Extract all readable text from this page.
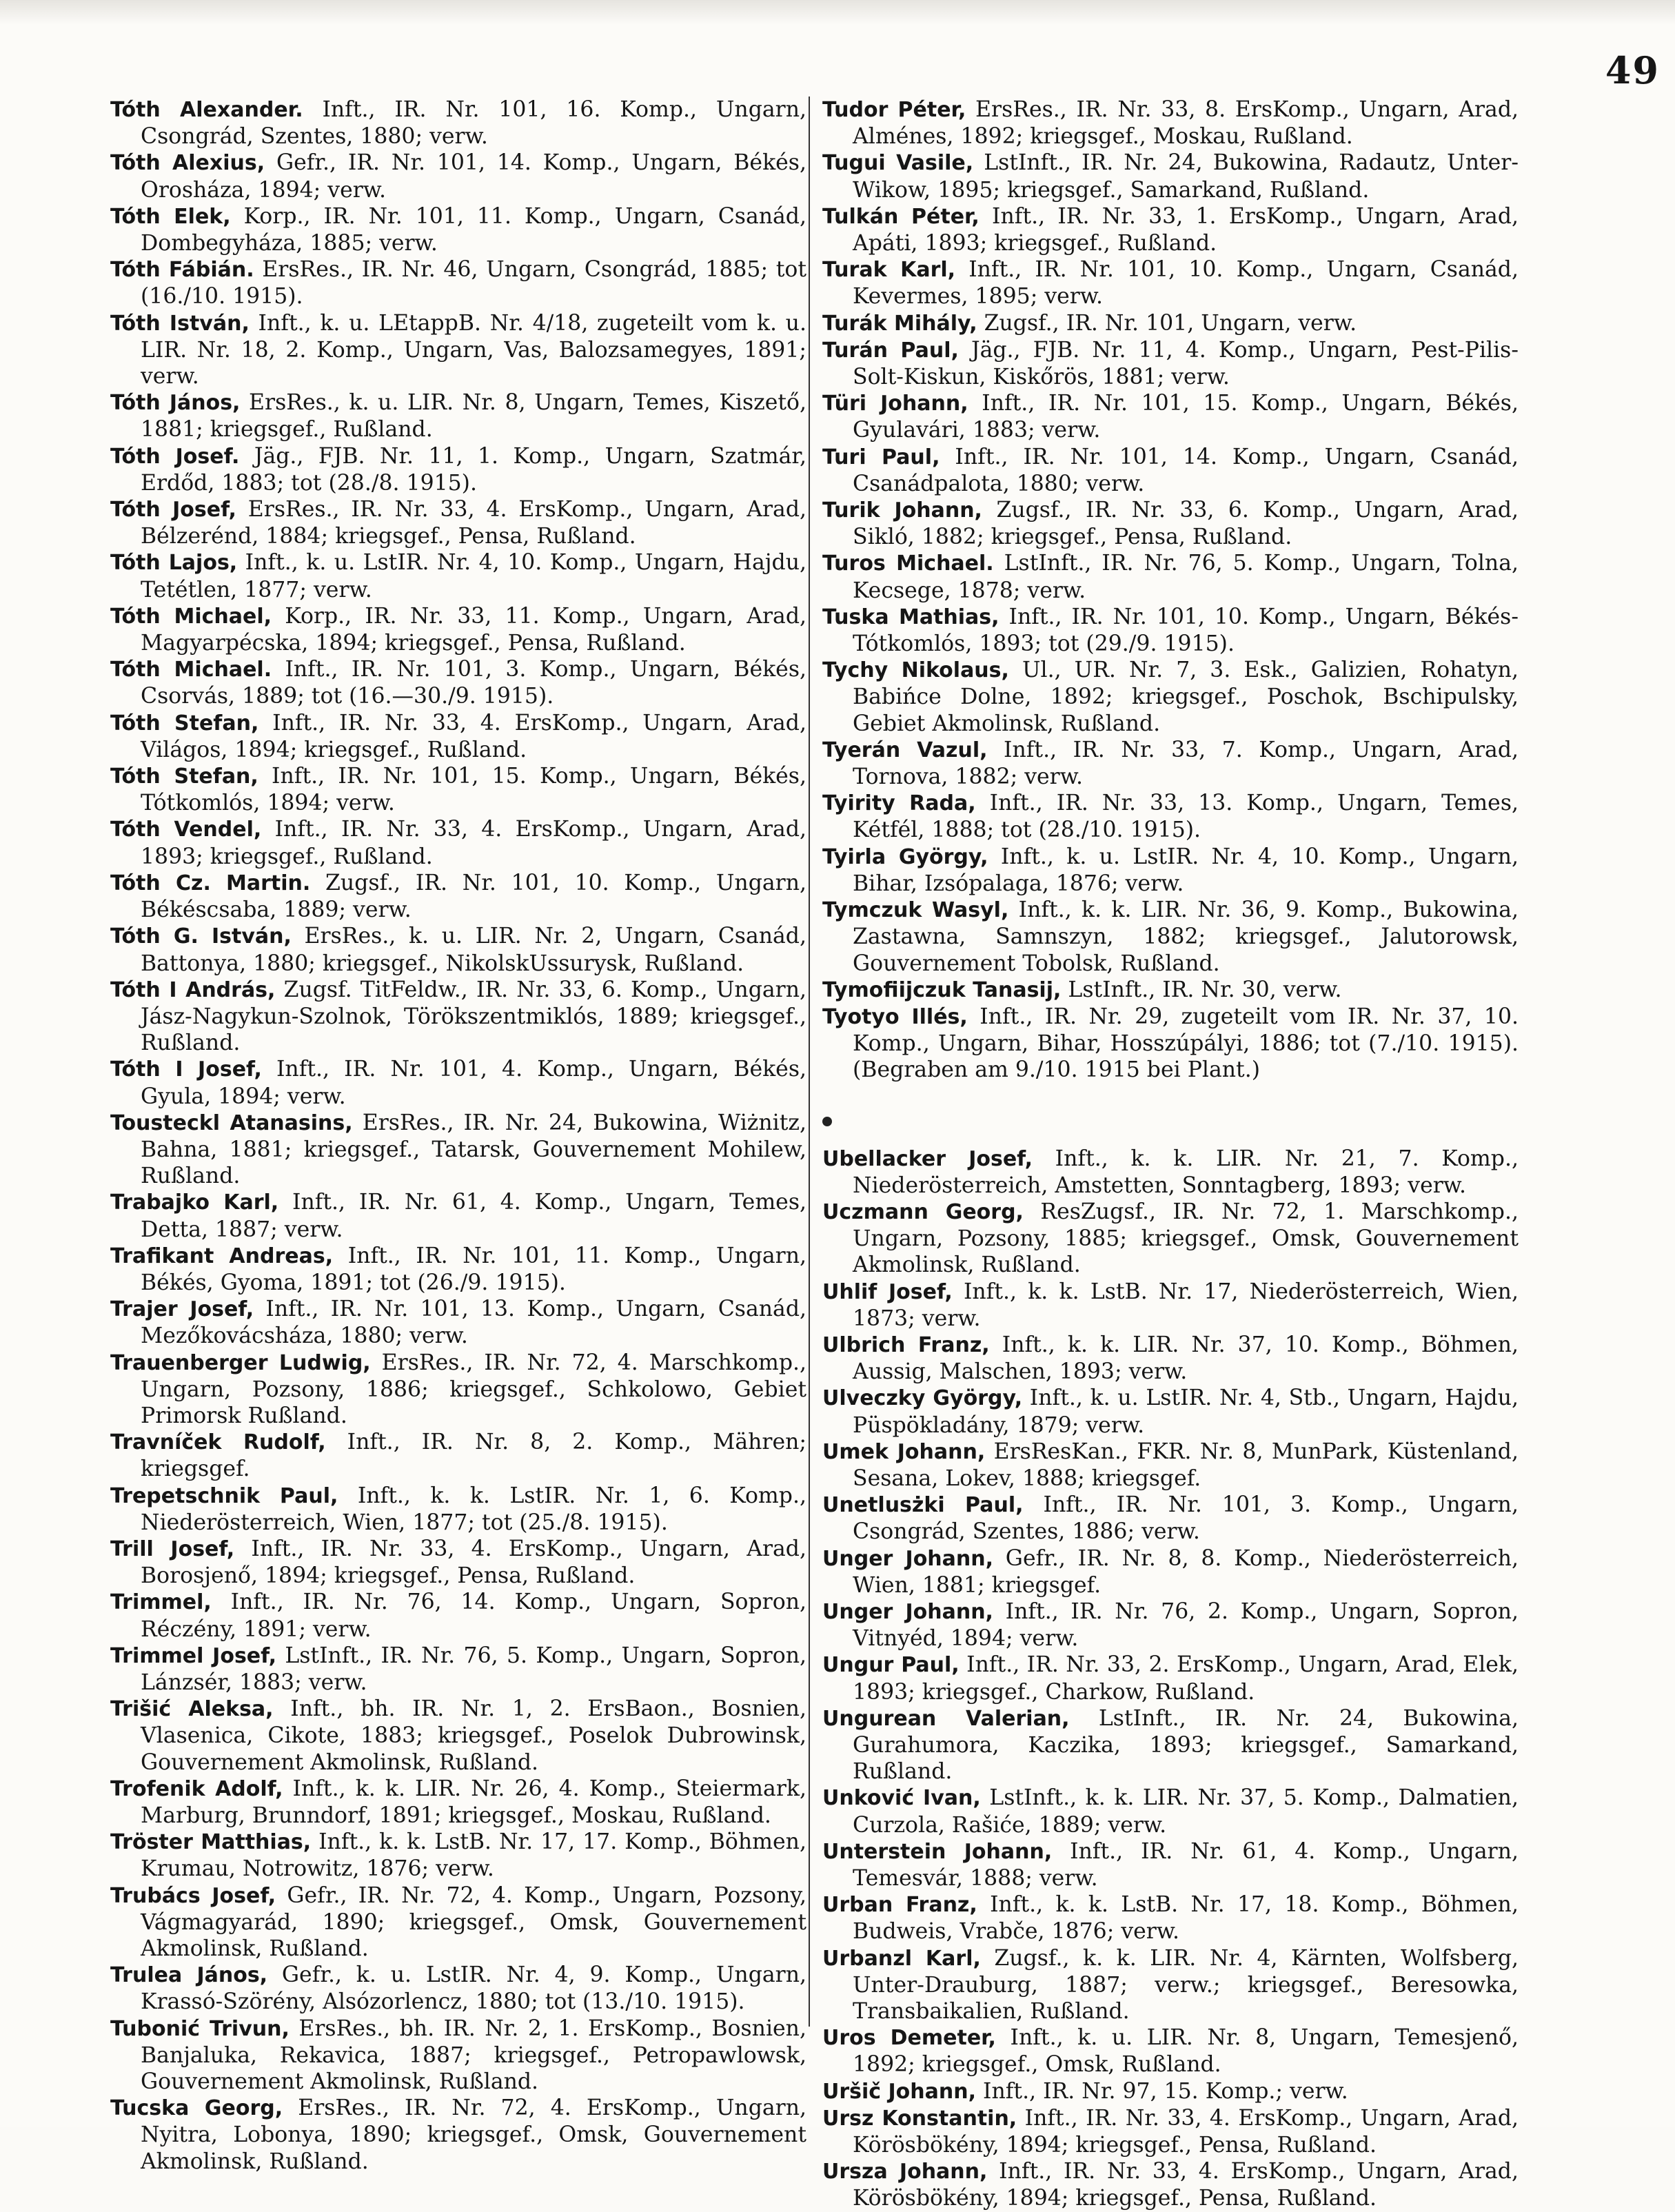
49

Tóth Alexander. Inft., IR. Nr. 101, 16. Komp., Ungarn, Csongrád, Szentes, 1880; verw.

Tóth Alexius, Gefr., IR. Nr. 101, 14. Komp., Ungarn, Békés, Orosháza, 1894; verw.

Tóth Elek, Korp., IR. Nr. 101, 11. Komp., Ungarn, Csanád, Dombegyháza, 1885; verw.

Tóth Fábián. ErsRes., IR. Nr. 46, Ungarn, Csongrád, 1885; tot (16./10. 1915).

Tóth István, Inft., k. u. LEtappB. Nr. 4/18, zugeteilt vom k. u. LIR. Nr. 18, 2. Komp., Ungarn, Vas, Balozsamegyes, 1891; verw.

Tóth János, ErsRes., k. u. LIR. Nr. 8, Ungarn, Temes, Kiszető, 1881; kriegsgef., Rußland.

Tóth Josef. Jäg., FJB. Nr. 11, 1. Komp., Ungarn, Szatmár, Erdőd, 1883; tot (28./8. 1915).

Tóth Josef, ErsRes., IR. Nr. 33, 4. ErsKomp., Ungarn, Arad, Bélzerénd, 1884; kriegsgef., Pensa, Rußland.

Tóth Lajos, Inft., k. u. LstIR. Nr. 4, 10. Komp., Ungarn, Hajdu, Tetétlen, 1877; verw.

Tóth Michael, Korp., IR. Nr. 33, 11. Komp., Ungarn, Arad, Magyarpécska, 1894; kriegsgef., Pensa, Rußland.

Tóth Michael. Inft., IR. Nr. 101, 3. Komp., Ungarn, Békés, Csorvás, 1889; tot (16.—30./9. 1915).

Tóth Stefan, Inft., IR. Nr. 33, 4. ErsKomp., Ungarn, Arad, Világos, 1894; kriegsgef., Rußland.

Tóth Stefan, Inft., IR. Nr. 101, 15. Komp., Ungarn, Békés, Tótkomlós, 1894; verw.

Tóth Vendel, Inft., IR. Nr. 33, 4. ErsKomp., Ungarn, Arad, 1893; kriegsgef., Rußland.

Tóth Cz. Martin. Zugsf., IR. Nr. 101, 10. Komp., Ungarn, Békéscsaba, 1889; verw.

Tóth G. István, ErsRes., k. u. LIR. Nr. 2, Ungarn, Csanád, Battonya, 1880; kriegsgef., NikolskUssurysk, Rußland.

Tóth I András, Zugsf. TitFeldw., IR. Nr. 33, 6. Komp., Ungarn, Jász-Nagykun-Szolnok, Törökszentmiklós, 1889; kriegsgef., Rußland.

Tóth I Josef, Inft., IR. Nr. 101, 4. Komp., Ungarn, Békés, Gyula, 1894; verw.

Tousteckl Atanasins, ErsRes., IR. Nr. 24, Bukowina, Wiżnitz, Bahna, 1881; kriegsgef., Tatarsk, Gouvernement Mohilew, Rußland.

Trabajko Karl, Inft., IR. Nr. 61, 4. Komp., Ungarn, Temes, Detta, 1887; verw.

Trafikant Andreas, Inft., IR. Nr. 101, 11. Komp., Ungarn, Békés, Gyoma, 1891; tot (26./9. 1915).

Trajer Josef, Inft., IR. Nr. 101, 13. Komp., Ungarn, Csanád, Mezőkovácsháza, 1880; verw.

Trauenberger Ludwig, ErsRes., IR. Nr. 72, 4. Marschkomp., Ungarn, Pozsony, 1886; kriegsgef., Schkolowo, Gebiet Primorsk Rußland.

Travníček Rudolf, Inft., IR. Nr. 8, 2. Komp., Mähren; kriegsgef.

Trepetschnik Paul, Inft., k. k. LstIR. Nr. 1, 6. Komp., Niederösterreich, Wien, 1877; tot (25./8. 1915).

Trill Josef, Inft., IR. Nr. 33, 4. ErsKomp., Ungarn, Arad, Borosjenő, 1894; kriegsgef., Pensa, Rußland.

Trimmel, Inft., IR. Nr. 76, 14. Komp., Ungarn, Sopron, Réczény, 1891; verw.

Trimmel Josef, LstInft., IR. Nr. 76, 5. Komp., Ungarn, Sopron, Lánzsér, 1883; verw.

Trišić Aleksa, Inft., bh. IR. Nr. 1, 2. ErsBaon., Bosnien, Vlasenica, Cikote, 1883; kriegsgef., Poselok Dubrowinsk, Gouvernement Akmolinsk, Rußland.

Trofenik Adolf, Inft., k. k. LIR. Nr. 26, 4. Komp., Steiermark, Marburg, Brunndorf, 1891; kriegsgef., Moskau, Rußland.

Tröster Matthias, Inft., k. k. LstB. Nr. 17, 17. Komp., Böhmen, Krumau, Notrowitz, 1876; verw.

Trubács Josef, Gefr., IR. Nr. 72, 4. Komp., Ungarn, Pozsony, Vágmagyarád, 1890; kriegsgef., Omsk, Gouvernement Akmolinsk, Rußland.

Trulea János, Gefr., k. u. LstIR. Nr. 4, 9. Komp., Ungarn, Krassó-Szörény, Alsózorlencz, 1880; tot (13./10. 1915).

Tubonić Trivun, ErsRes., bh. IR. Nr. 2, 1. ErsKomp., Bosnien, Banjaluka, Rekavica, 1887; kriegsgef., Petropawlowsk, Gouvernement Akmolinsk, Rußland.

Tucska Georg, ErsRes., IR. Nr. 72, 4. ErsKomp., Ungarn, Nyitra, Lobonya, 1890; kriegsgef., Omsk, Gouvernement Akmolinsk, Rußland.

Tudor Péter, ErsRes., IR. Nr. 33, 8. ErsKomp., Ungarn, Arad, Alménes, 1892; kriegsgef., Moskau, Rußland.

Tugui Vasile, LstInft., IR. Nr. 24, Bukowina, Radautz, Unter-Wikow, 1895; kriegsgef., Samarkand, Rußland.

Tulkán Péter, Inft., IR. Nr. 33, 1. ErsKomp., Ungarn, Arad, Apáti, 1893; kriegsgef., Rußland.

Turak Karl, Inft., IR. Nr. 101, 10. Komp., Ungarn, Csanád, Kevermes, 1895; verw.

Turák Mihály, Zugsf., IR. Nr. 101, Ungarn, verw.

Turán Paul, Jäg., FJB. Nr. 11, 4. Komp., Ungarn, Pest-Pilis-Solt-Kiskun, Kiskőrös, 1881; verw.

Türi Johann, Inft., IR. Nr. 101, 15. Komp., Ungarn, Békés, Gyulavári, 1883; verw.

Turi Paul, Inft., IR. Nr. 101, 14. Komp., Ungarn, Csanád, Csanádpalota, 1880; verw.

Turik Johann, Zugsf., IR. Nr. 33, 6. Komp., Ungarn, Arad, Sikló, 1882; kriegsgef., Pensa, Rußland.

Turos Michael. LstInft., IR. Nr. 76, 5. Komp., Ungarn, Tolna, Kecsege, 1878; verw.

Tuska Mathias, Inft., IR. Nr. 101, 10. Komp., Ungarn, Békés-Tótkomlós, 1893; tot (29./9. 1915).

Tychy Nikolaus, Ul., UR. Nr. 7, 3. Esk., Galizien, Rohatyn, Babińce Dolne, 1892; kriegsgef., Poschok, Bschipulsky, Gebiet Akmolinsk, Rußland.

Tyerán Vazul, Inft., IR. Nr. 33, 7. Komp., Ungarn, Arad, Tornova, 1882; verw.

Tyirity Rada, Inft., IR. Nr. 33, 13. Komp., Ungarn, Temes, Kétfél, 1888; tot (28./10. 1915).

Tyirla György, Inft., k. u. LstIR. Nr. 4, 10. Komp., Ungarn, Bihar, Izsópalaga, 1876; verw.

Tymczuk Wasyl, Inft., k. k. LIR. Nr. 36, 9. Komp., Bukowina, Zastawna, Samnszyn, 1882; kriegsgef., Jalutorowsk, Gouvernement Tobolsk, Rußland.

Tymofiijczuk Tanasij, LstInft., IR. Nr. 30, verw.

Tyotyo Illés, Inft., IR. Nr. 29, zugeteilt vom IR. Nr. 37, 10. Komp., Ungarn, Bihar, Hosszúpályi, 1886; tot (7./10. 1915). (Begraben am 9./10. 1915 bei Plant.)

Ubellacker Josef, Inft., k. k. LIR. Nr. 21, 7. Komp., Niederösterreich, Amstetten, Sonntagberg, 1893; verw.

Uczmann Georg, ResZugsf., IR. Nr. 72, 1. Marschkomp., Ungarn, Pozsony, 1885; kriegsgef., Omsk, Gouvernement Akmolinsk, Rußland.

Uhlif Josef, Inft., k. k. LstB. Nr. 17, Niederösterreich, Wien, 1873; verw.

Ulbrich Franz, Inft., k. k. LIR. Nr. 37, 10. Komp., Böhmen, Aussig, Malschen, 1893; verw.

Ulveczky György, Inft., k. u. LstIR. Nr. 4, Stb., Ungarn, Hajdu, Püspökladány, 1879; verw.

Umek Johann, ErsResKan., FKR. Nr. 8, MunPark, Küstenland, Sesana, Lokev, 1888; kriegsgef.

Unetlusżki Paul, Inft., IR. Nr. 101, 3. Komp., Ungarn, Csongrád, Szentes, 1886; verw.

Unger Johann, Gefr., IR. Nr. 8, 8. Komp., Niederösterreich, Wien, 1881; kriegsgef.

Unger Johann, Inft., IR. Nr. 76, 2. Komp., Ungarn, Sopron, Vitnyéd, 1894; verw.

Ungur Paul, Inft., IR. Nr. 33, 2. ErsKomp., Ungarn, Arad, Elek, 1893; kriegsgef., Charkow, Rußland.

Ungurean Valerian, LstInft., IR. Nr. 24, Bukowina, Gurahumora, Kaczika, 1893; kriegsgef., Samarkand, Rußland.

Unković Ivan, LstInft., k. k. LIR. Nr. 37, 5. Komp., Dalmatien, Curzola, Rašiće, 1889; verw.

Unterstein Johann, Inft., IR. Nr. 61, 4. Komp., Ungarn, Temesvár, 1888; verw.

Urban Franz, Inft., k. k. LstB. Nr. 17, 18. Komp., Böhmen, Budweis, Vrabče, 1876; verw.

Urbanzl Karl, Zugsf., k. k. LIR. Nr. 4, Kärnten, Wolfsberg, Unter-Drauburg, 1887; verw.; kriegsgef., Beresowka, Transbaikalien, Rußland.

Uros Demeter, Inft., k. u. LIR. Nr. 8, Ungarn, Temesjenő, 1892; kriegsgef., Omsk, Rußland.

Uršič Johann, Inft., IR. Nr. 97, 15. Komp.; verw.

Ursz Konstantin, Inft., IR. Nr. 33, 4. ErsKomp., Ungarn, Arad, Körösbökény, 1894; kriegsgef., Pensa, Rußland.

Ursza Johann, Inft., IR. Nr. 33, 4. ErsKomp., Ungarn, Arad, Körösbökény, 1894; kriegsgef., Pensa, Rußland.
